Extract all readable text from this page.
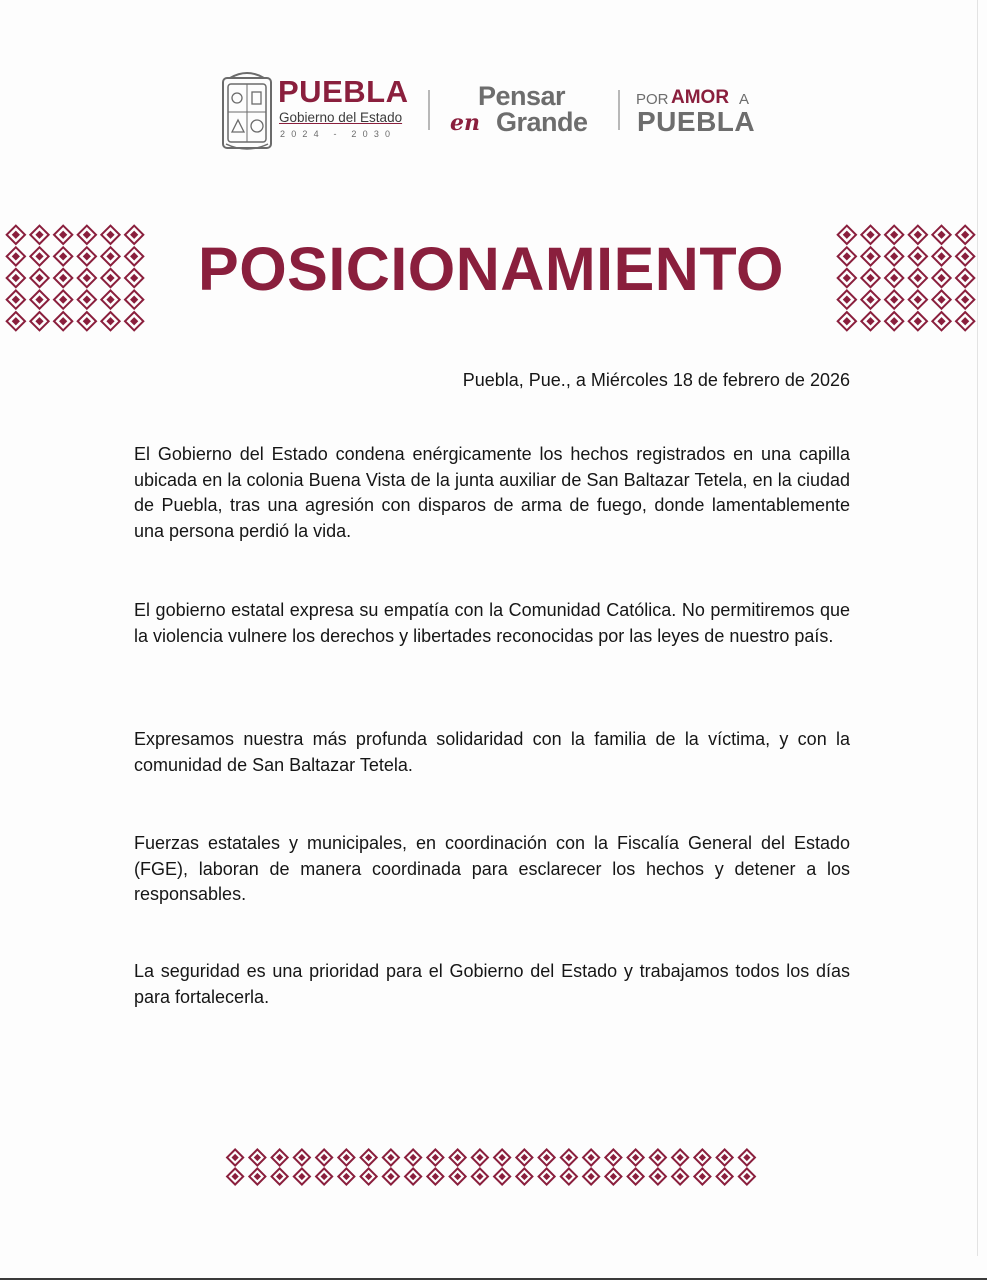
PUEBLA
Gobierno del Estado
2024 - 2030 en
Pensar
Grande
POR AMOR A
PUEBLA
POSICIONAMIENTO
Puebla, Pue., a Miércoles 18 de febrero de 2026

El Gobierno del Estado condena enérgicamente los hechos registrados en una capilla ubicada en la colonia Buena Vista de la junta auxiliar de San Baltazar Tetela, en la ciudad de Puebla, tras una agresión con disparos de arma de fuego, donde lamentablemente una persona perdió la vida.

El gobierno estatal expresa su empatía con la Comunidad Católica. No permitiremos que la violencia vulnere los derechos y libertades reconocidas por las leyes de nuestro país.

Expresamos nuestra más profunda solidaridad con la familia de la víctima, y con la comunidad de San Baltazar Tetela.

Fuerzas estatales y municipales, en coordinación con la Fiscalía General del Estado (FGE), laboran de manera coordinada para esclarecer los hechos y detener a los responsables.

La seguridad es una prioridad para el Gobierno del Estado y trabajamos todos los días para fortalecerla.
